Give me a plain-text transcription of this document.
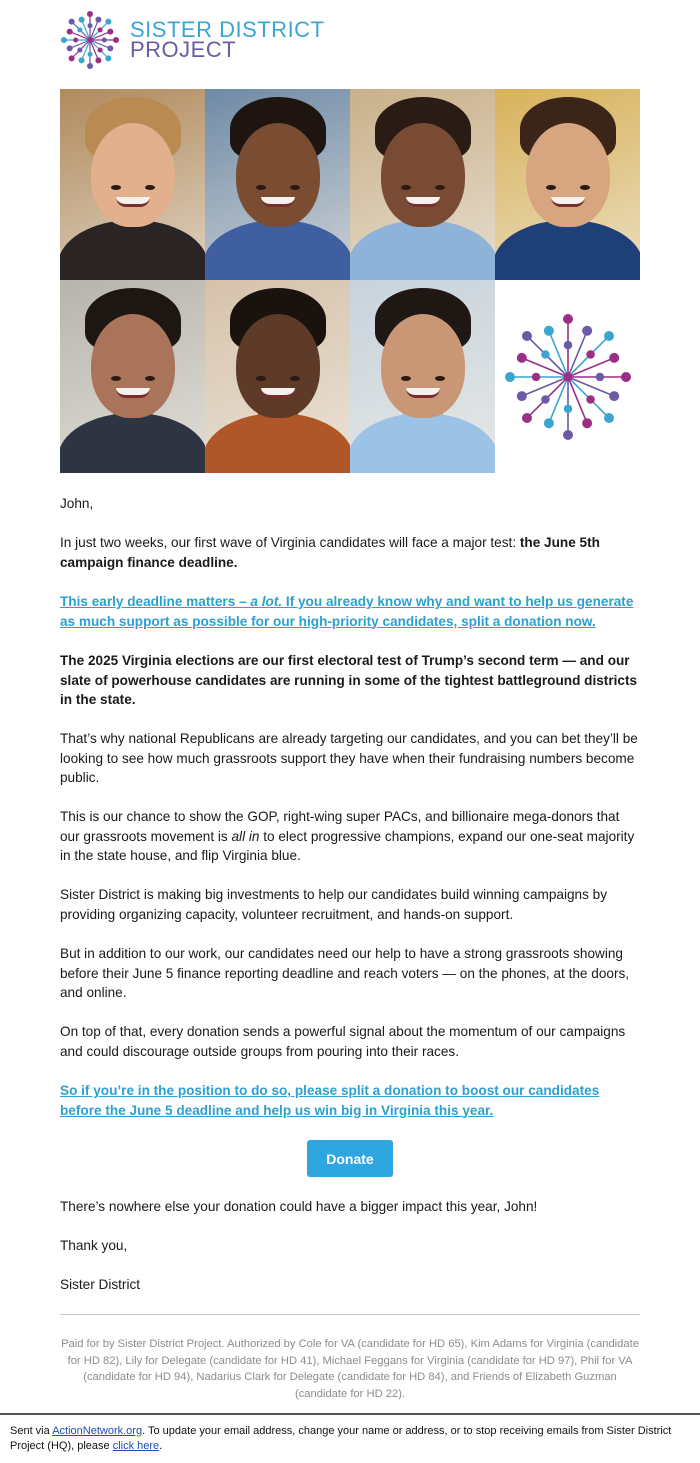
SISTER DISTRICT
PROJECT

John,

In just two weeks, our first wave of Virginia candidates will face a major test: the June 5th campaign finance deadline.

This early deadline matters – a lot. If you already know why and want to help us generate as much support as possible for our high-priority candidates, split a donation now.

The 2025 Virginia elections are our first electoral test of Trump’s second term — and our slate of powerhouse candidates are running in some of the tightest battleground districts in the state.

That’s why national Republicans are already targeting our candidates, and you can bet they’ll be looking to see how much grassroots support they have when their fundraising numbers become public.

This is our chance to show the GOP, right-wing super PACs, and billionaire mega-donors that our grassroots movement is all in to elect progressive champions, expand our one-seat majority in the state house, and flip Virginia blue.

Sister District is making big investments to help our candidates build winning campaigns by providing organizing capacity, volunteer recruitment, and hands-on support.

But in addition to our work, our candidates need our help to have a strong grassroots showing before their June 5 finance reporting deadline and reach voters — on the phones, at the doors, and online.

On top of that, every donation sends a powerful signal about the momentum of our campaigns and could discourage outside groups from pouring into their races.

So if you’re in the position to do so, please split a donation to boost our candidates before the June 5 deadline and help us win big in Virginia this year.

Donate

There’s nowhere else your donation could have a bigger impact this year, John!

Thank you,

Sister District

Paid for by Sister District Project. Authorized by Cole for VA (candidate for HD 65), Kim Adams for Virginia (candidate for HD 82), Lily for Delegate (candidate for HD 41), Michael Feggans for Virginia (candidate for HD 97), Phil for VA (candidate for HD 94), Nadarius Clark for Delegate (candidate for HD 84), and Friends of Elizabeth Guzman (candidate for HD 22).
Sent via ActionNetwork.org. To update your email address, change your name or address, or to stop receiving emails from Sister District Project (HQ), please click here.
